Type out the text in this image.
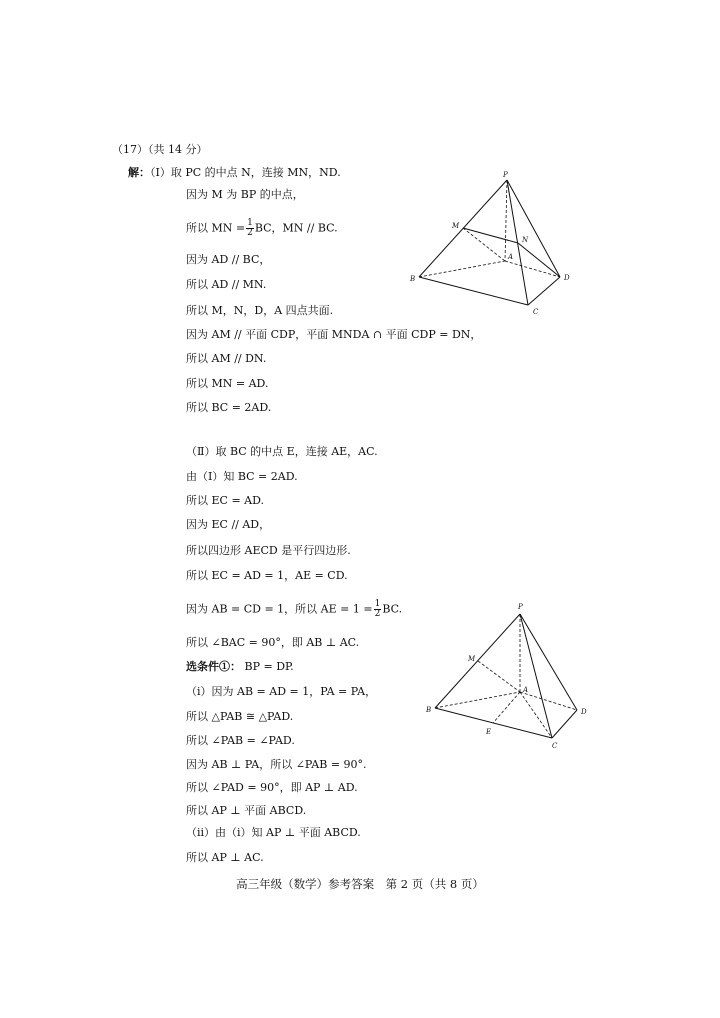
（17）（共 14 分）
解：（Ⅰ）取 PC 的中点 N，连接 MN，ND.
因为 M 为 BP 的中点，
所以 MN = $\frac{1}{2}$ BC，MN // BC.
因为 AD // BC，
所以 AD // MN.
所以 M，N，D，A 四点共面.
因为 AM // 平面 CDP，平面 MNDA ∩ 平面 CDP = DN，
所以 AM // DN.
所以 MN = AD.
所以 BC = 2AD.
（Ⅱ）取 BC 的中点 E，连接 AE，AC.
由（Ⅰ）知 BC = 2AD.
所以 EC = AD.
因为 EC // AD，
所以四边形 AECD 是平行四边形.
所以 EC = AD = 1，AE = CD.
因为 AB = CD = 1，所以 AE = $1 = \frac{1}{2}$ BC.
所以 ∠BAC = 90°，即 AB ⊥ AC.
选条件①： BP = DP.
（ⅰ）因为 AB = AD = 1，PA = PA，
所以 △PAB ≅ △PAD.
所以 ∠PAB = ∠PAD.
因为 AB ⊥ PA，所以 ∠PAB = 90°.
所以 ∠PAD = 90°，即 AP ⊥ AD.
所以 AP ⊥ 平面 ABCD.
（ⅱ）由（ⅰ）知 AP ⊥ 平面 ABCD.
所以 AP ⊥ AC.
P
M
N
A
B
C
D
P
M
A
B
E
C
D
高三年级（数学）参考答案　第 2 页（共 8 页）
